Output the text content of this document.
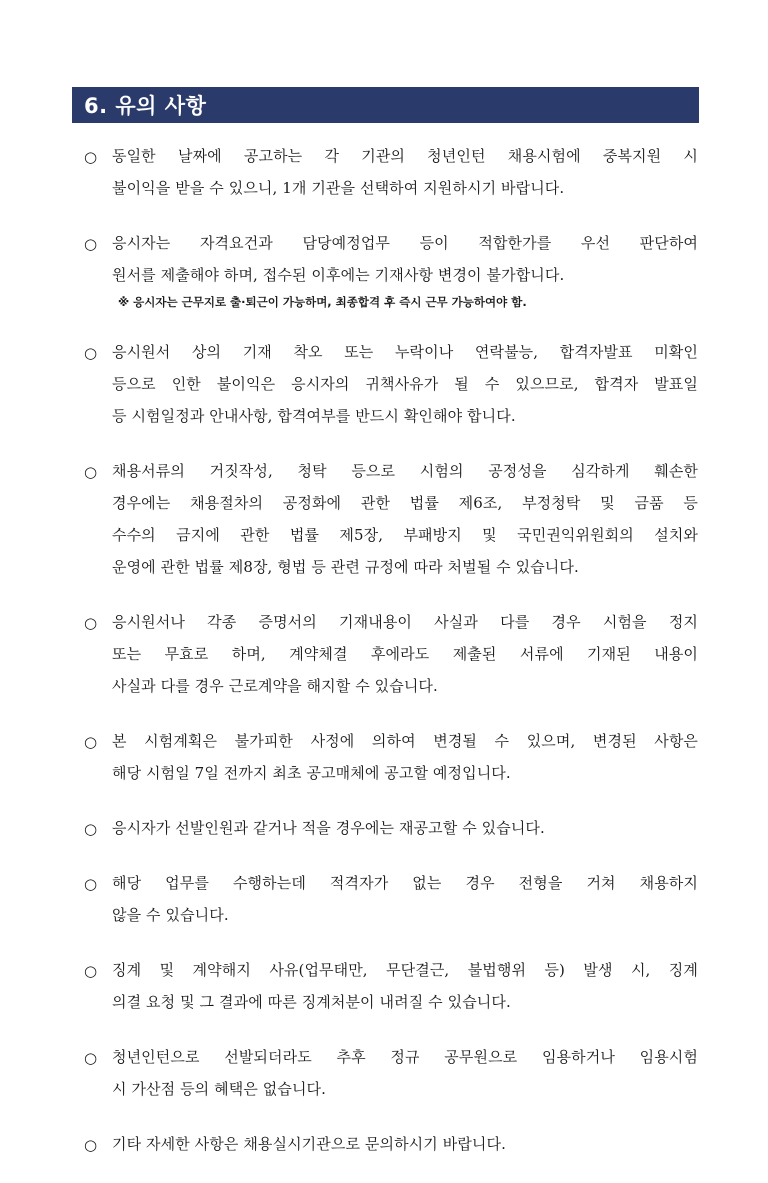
6. 유의 사항
○ 동일한 날짜에 공고하는 각 기관의 청년인턴 채용시험에 중복지원 시
불이익을 받을 수 있으니, 1개 기관을 선택하여 지원하시기 바랍니다.
○ 응시자는 자격요건과 담당예정업무 등이 적합한가를 우선 판단하여
원서를 제출해야 하며, 접수된 이후에는 기재사항 변경이 불가합니다.
※ 응시자는 근무지로 출·퇴근이 가능하며, 최종합격 후 즉시 근무 가능하여야 함.
○ 응시원서 상의 기재 착오 또는 누락이나 연락불능, 합격자발표 미확인
등으로 인한 불이익은 응시자의 귀책사유가 될 수 있으므로, 합격자 발표일
등 시험일정과 안내사항, 합격여부를 반드시 확인해야 합니다.
○ 채용서류의 거짓작성, 청탁 등으로 시험의 공정성을 심각하게 훼손한
경우에는 채용절차의 공정화에 관한 법률 제6조, 부정청탁 및 금품 등
수수의 금지에 관한 법률 제5장, 부패방지 및 국민권익위원회의 설치와
운영에 관한 법률 제8장, 형법 등 관련 규정에 따라 처벌될 수 있습니다.
○ 응시원서나 각종 증명서의 기재내용이 사실과 다를 경우 시험을 정지
또는 무효로 하며, 계약체결 후에라도 제출된 서류에 기재된 내용이
사실과 다를 경우 근로계약을 해지할 수 있습니다.
○ 본 시험계획은 불가피한 사정에 의하여 변경될 수 있으며, 변경된 사항은
해당 시험일 7일 전까지 최초 공고매체에 공고할 예정입니다.
○ 응시자가 선발인원과 같거나 적을 경우에는 재공고할 수 있습니다.
○ 해당 업무를 수행하는데 적격자가 없는 경우 전형을 거쳐 채용하지
않을 수 있습니다.
○ 징계 및 계약해지 사유(업무태만, 무단결근, 불법행위 등) 발생 시, 징계
의결 요청 및 그 결과에 따른 징계처분이 내려질 수 있습니다.
○ 청년인턴으로 선발되더라도 추후 정규 공무원으로 임용하거나 임용시험
시 가산점 등의 혜택은 없습니다.
○ 기타 자세한 사항은 채용실시기관으로 문의하시기 바랍니다.
